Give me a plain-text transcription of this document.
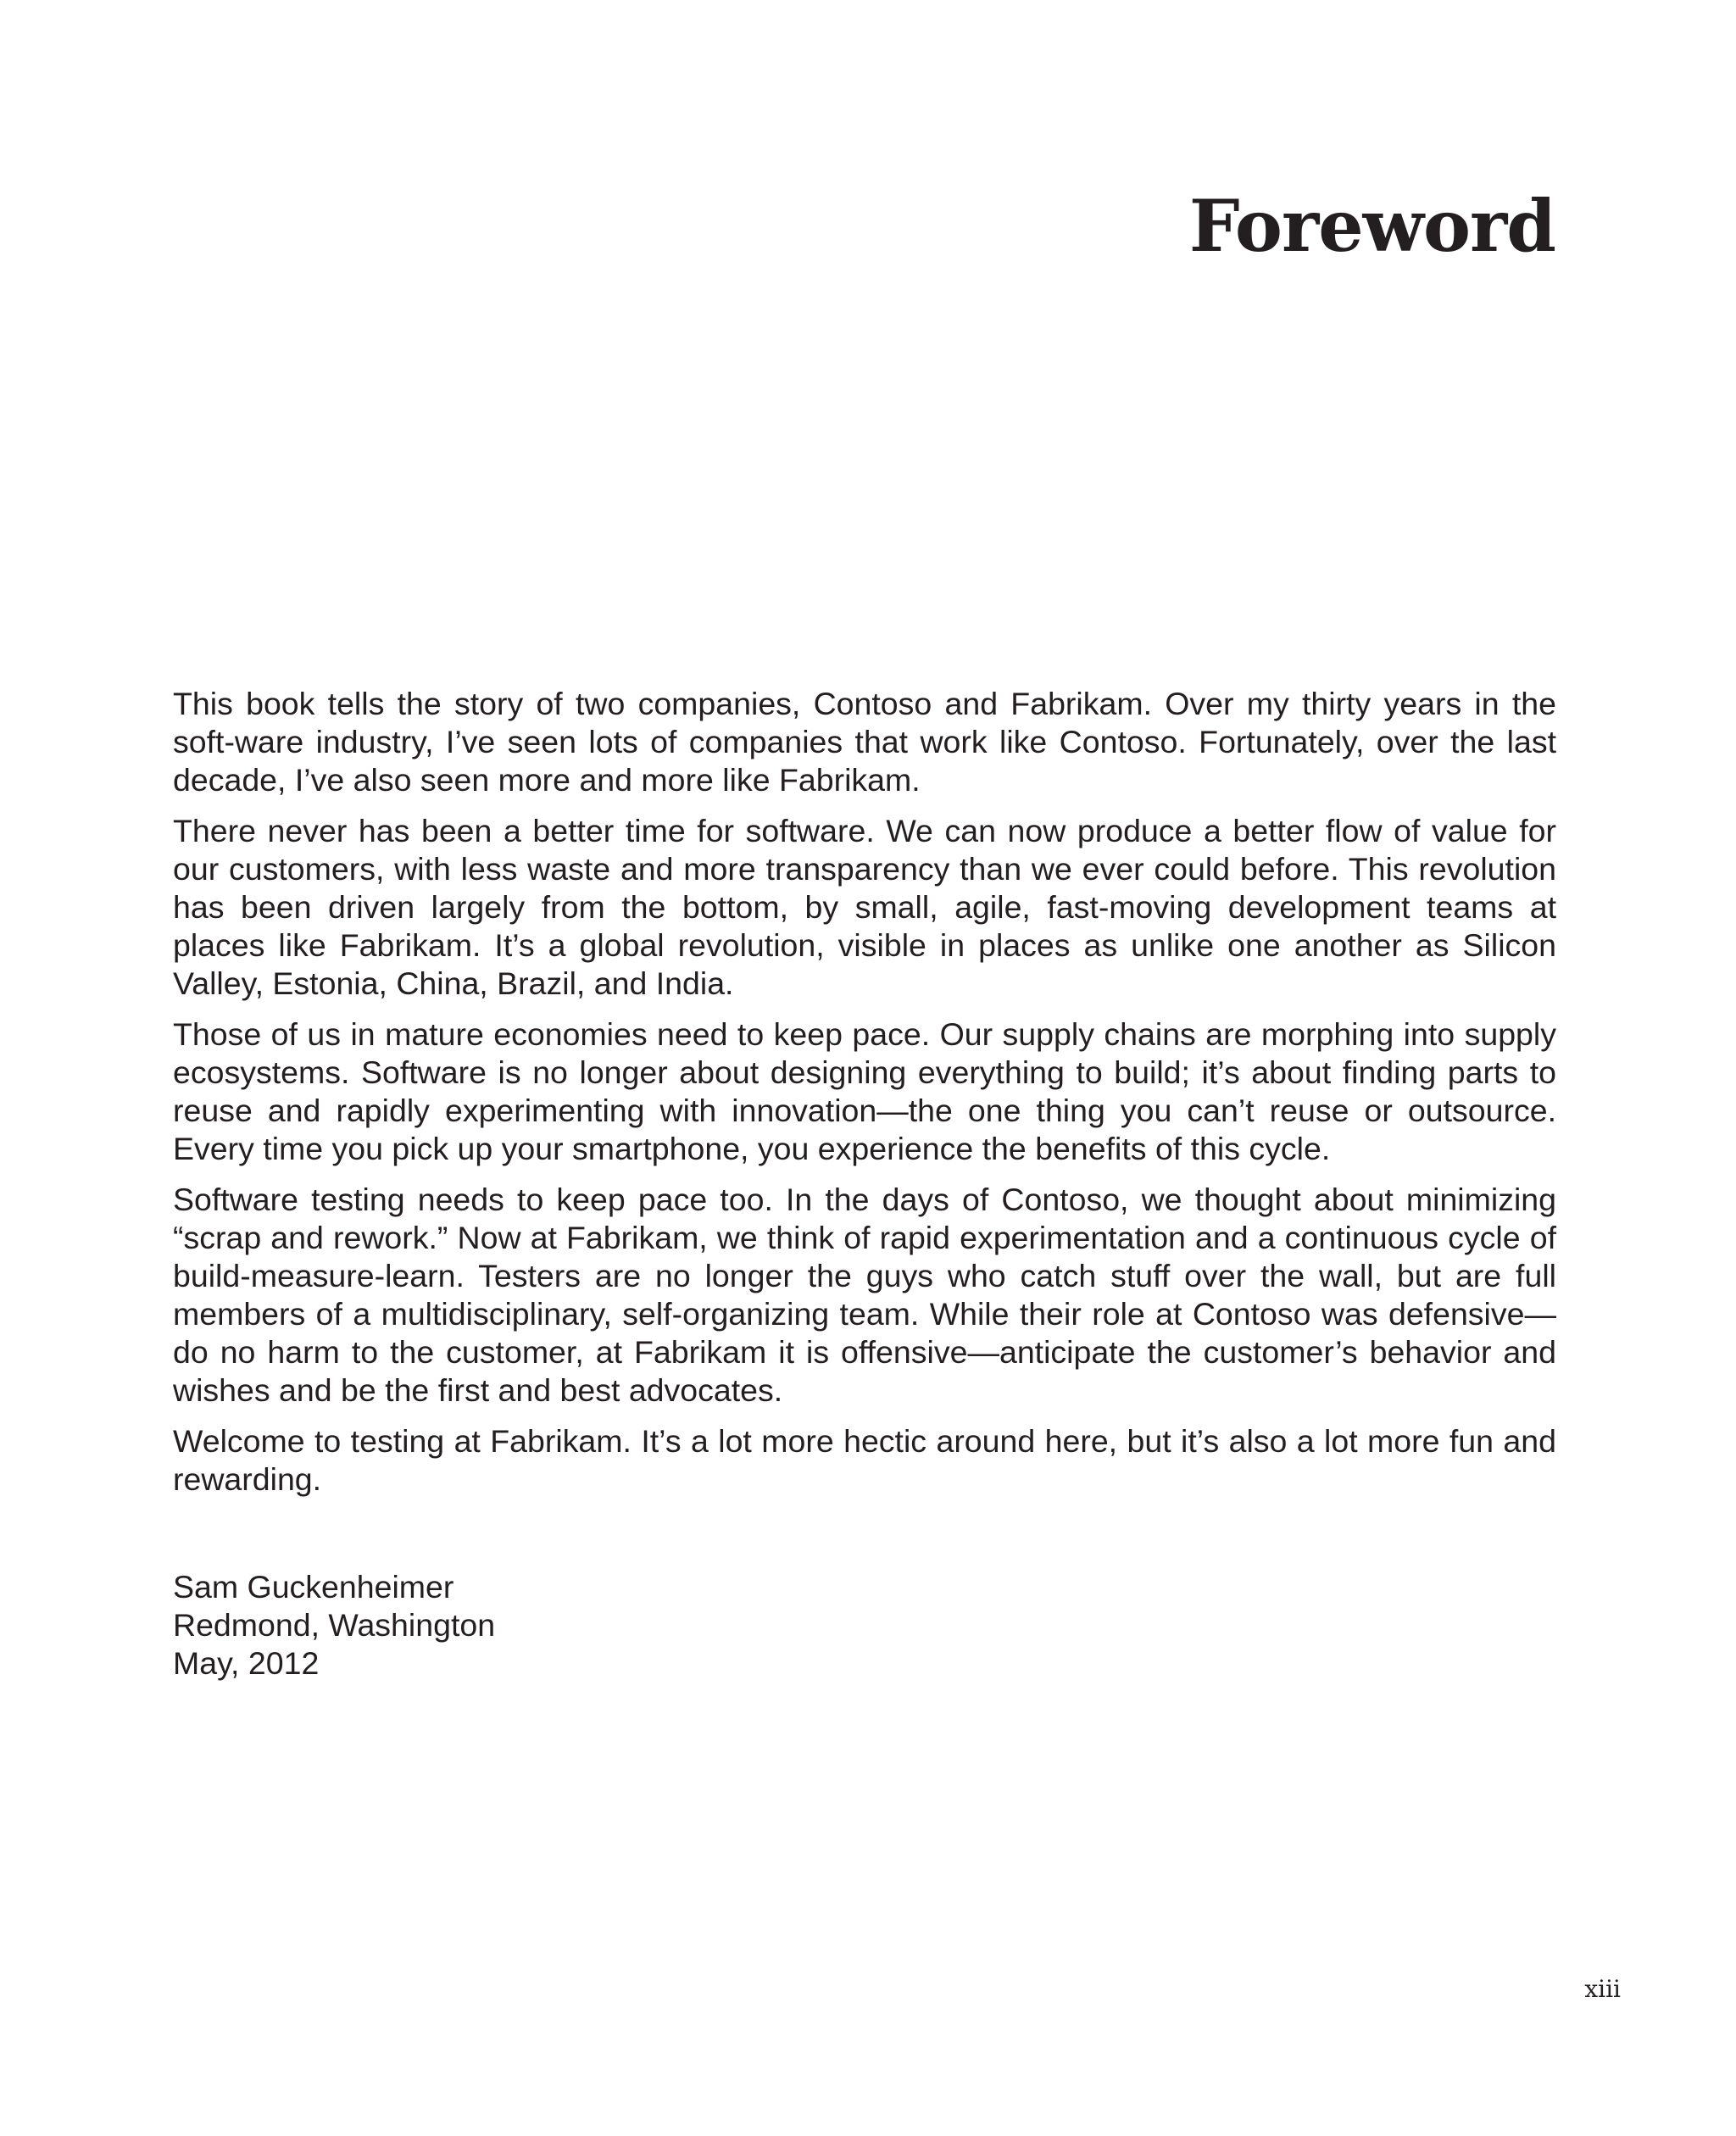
Foreword

This book tells the story of two companies, Contoso and Fabrikam. Over my thirty years in the soft-ware industry, I’ve seen lots of companies that work like Contoso. Fortunately, over the last decade, I’ve also seen more and more like Fabrikam.

There never has been a better time for software. We can now produce a better flow of value for our customers, with less waste and more transparency than we ever could before. This revolution has been driven largely from the bottom, by small, agile, fast-moving development teams at places like Fabrikam. It’s a global revolution, visible in places as unlike one another as Silicon Valley, Estonia, China, Brazil, and India.

Those of us in mature economies need to keep pace. Our supply chains are morphing into supply ecosystems. Software is no longer about designing everything to build; it’s about finding parts to reuse and rapidly experimenting with innovation—the one thing you can’t reuse or outsource. Every time you pick up your smartphone, you experience the benefits of this cycle.

Software testing needs to keep pace too. In the days of Contoso, we thought about minimizing “scrap and rework.” Now at Fabrikam, we think of rapid experimentation and a continuous cycle of build-measure-learn. Testers are no longer the guys who catch stuff over the wall, but are full members of a multidisciplinary, self-organizing team. While their role at Contoso was defensive—do no harm to the customer, at Fabrikam it is offensive—anticipate the customer’s behavior and wishes and be the first and best advocates.

Welcome to testing at Fabrikam. It’s a lot more hectic around here, but it’s also a lot more fun and rewarding.

Sam Guckenheimer
Redmond, Washington
May, 2012
xiii
